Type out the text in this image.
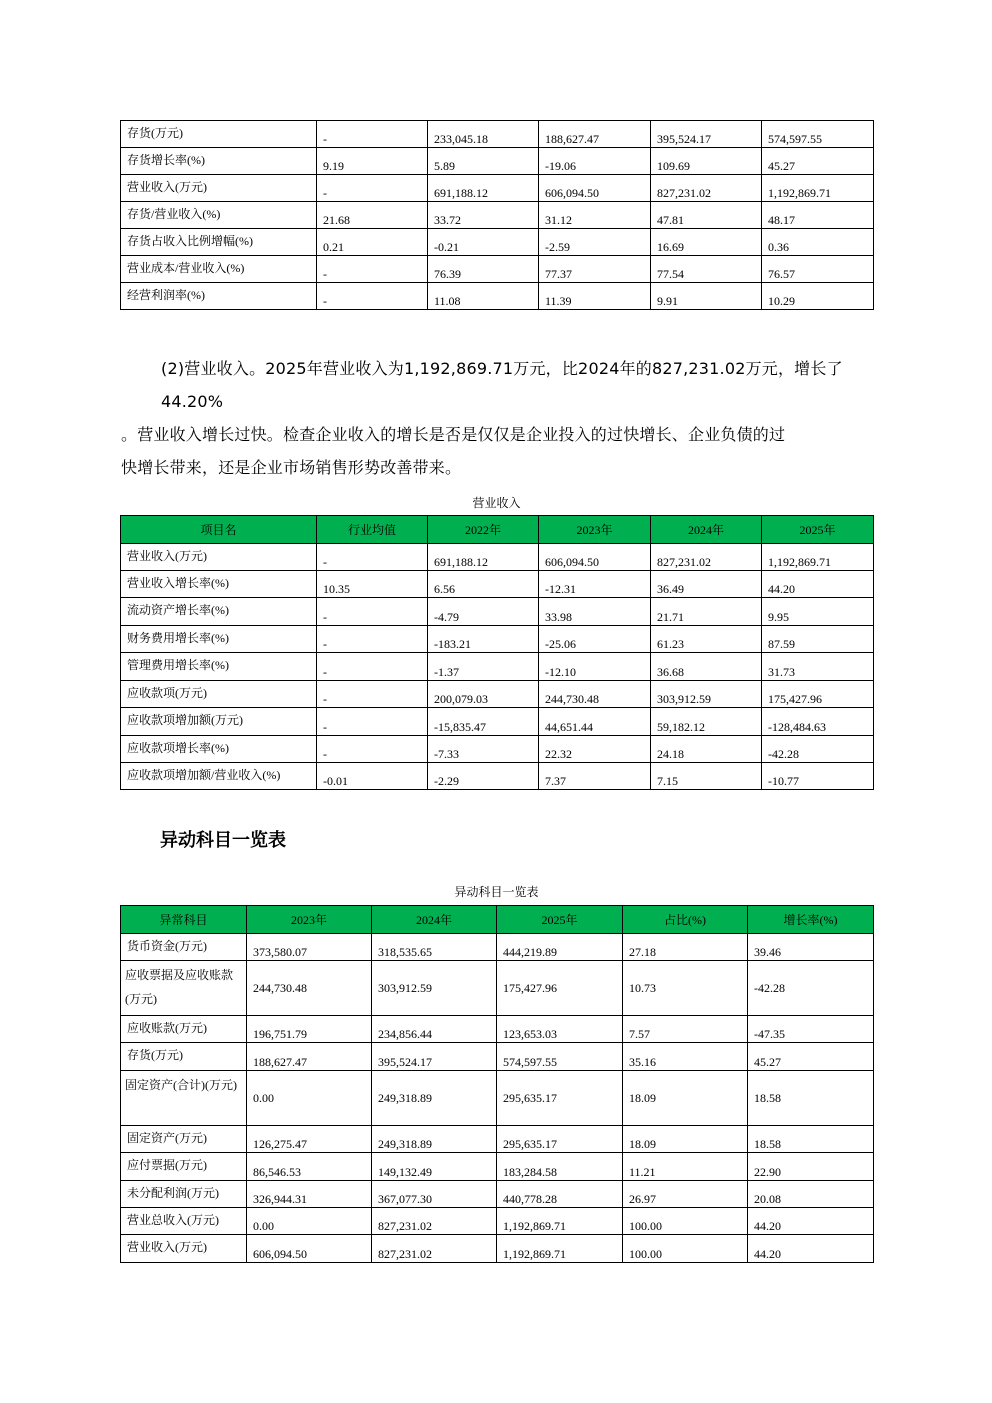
存货(万元)	-	233,045.18	188,627.47	395,524.17	574,597.55
存货增长率(%)	9.19	5.89	-19.06	109.69	45.27
营业收入(万元)	-	691,188.12	606,094.50	827,231.02	1,192,869.71
存货/营业收入(%)	21.68	33.72	31.12	47.81	48.17
存货占收入比例增幅(%)	0.21	-0.21	-2.59	16.69	0.36
营业成本/营业收入(%)	-	76.39	77.37	77.54	76.57
经营利润率(%)	-	11.08	11.39	9.91	10.29
(2)营业收入。2025年营业收入为1,192,869.71万元，比2024年的827,231.02万元，增长了44.20%
。营业收入增长过快。检查企业收入的增长是否是仅仅是企业投入的过快增长、企业负债的过
快增长带来，还是企业市场销售形势改善带来。
营业收入
项目名	行业均值	2022年	2023年	2024年	2025年
营业收入(万元)	-	691,188.12	606,094.50	827,231.02	1,192,869.71
营业收入增长率(%)	10.35	6.56	-12.31	36.49	44.20
流动资产增长率(%)	-	-4.79	33.98	21.71	9.95
财务费用增长率(%)	-	-183.21	-25.06	61.23	87.59
管理费用增长率(%)	-	-1.37	-12.10	36.68	31.73
应收款项(万元)	-	200,079.03	244,730.48	303,912.59	175,427.96
应收款项增加额(万元)	-	-15,835.47	44,651.44	59,182.12	-128,484.63
应收款项增长率(%)	-	-7.33	22.32	24.18	-42.28
应收款项增加额/营业收入(%)	-0.01	-2.29	7.37	7.15	-10.77
异动科目一览表
异动科目一览表
异常科目	2023年	2024年	2025年	占比(%)	增长率(%)
货币资金(万元)	373,580.07	318,535.65	444,219.89	27.18	39.46
应收票据及应收账款(万元)	244,730.48	303,912.59	175,427.96	10.73	-42.28
应收账款(万元)	196,751.79	234,856.44	123,653.03	7.57	-47.35
存货(万元)	188,627.47	395,524.17	574,597.55	35.16	45.27
固定资产(合计)(万元)	0.00	249,318.89	295,635.17	18.09	18.58
固定资产(万元)	126,275.47	249,318.89	295,635.17	18.09	18.58
应付票据(万元)	86,546.53	149,132.49	183,284.58	11.21	22.90
未分配利润(万元)	326,944.31	367,077.30	440,778.28	26.97	20.08
营业总收入(万元)	0.00	827,231.02	1,192,869.71	100.00	44.20
营业收入(万元)	606,094.50	827,231.02	1,192,869.71	100.00	44.20
